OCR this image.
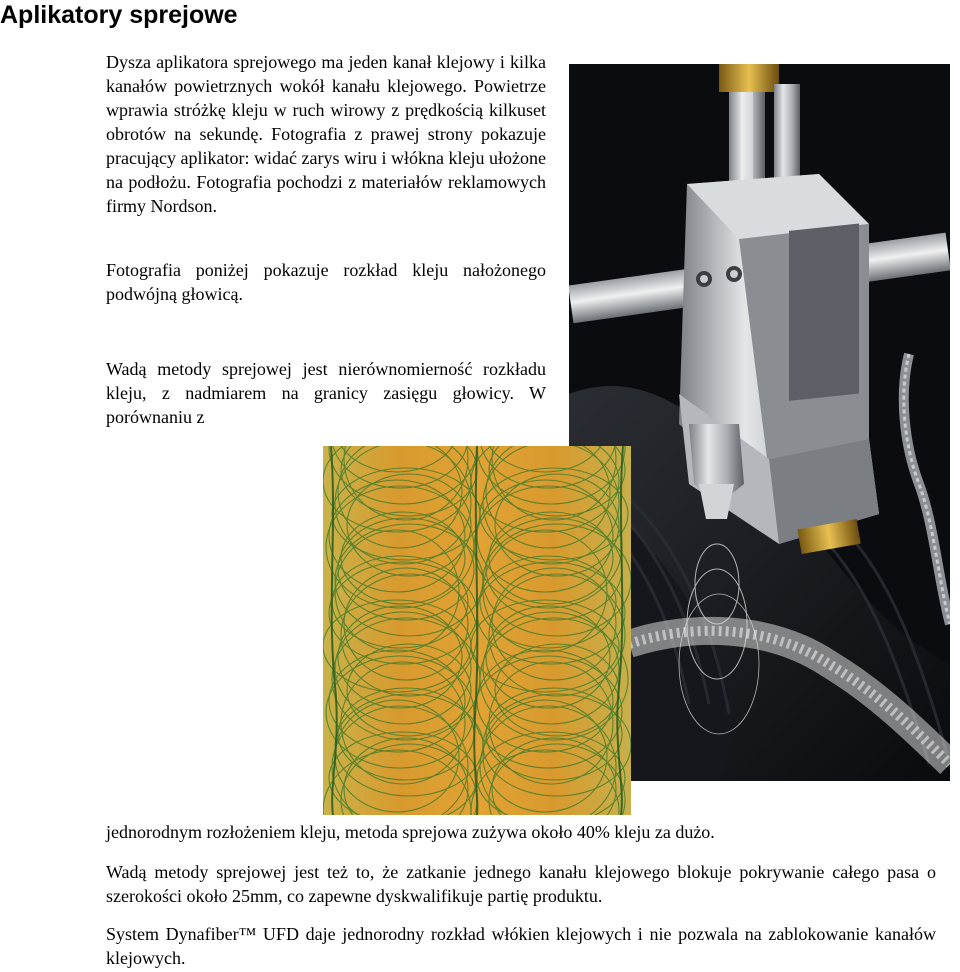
Aplikatory sprejowe

Dysza aplikatora sprejowego ma jeden kanał klejowy i kilka kanałów powietrznych wokół kanału klejowego. Powietrze wprawia stróżkę kleju w ruch wirowy z prędkością kilkuset obrotów na sekundę. Fotografia z prawej strony pokazuje pracujący aplikator: widać zarys wiru i włókna kleju ułożone na podłożu. Fotografia pochodzi z materiałów reklamowych firmy Nordson.

Fotografia poniżej pokazuje rozkład kleju nałożonego podwójną głowicą.

Wadą metody sprejowej jest nierównomierność rozkładu kleju, z nadmiarem na granicy zasięgu głowicy. W porównaniu z

jednorodnym rozłożeniem kleju, metoda sprejowa zużywa około 40% kleju za dużo.

Wadą metody sprejowej jest też to, że zatkanie jednego kanału klejowego blokuje pokrywanie całego pasa o szerokości około 25mm, co zapewne dyskwalifikuje partię produktu.

System Dynafiber™ UFD daje jednorodny rozkład włókien klejowych i nie pozwala na zablokowanie kanałów klejowych.
